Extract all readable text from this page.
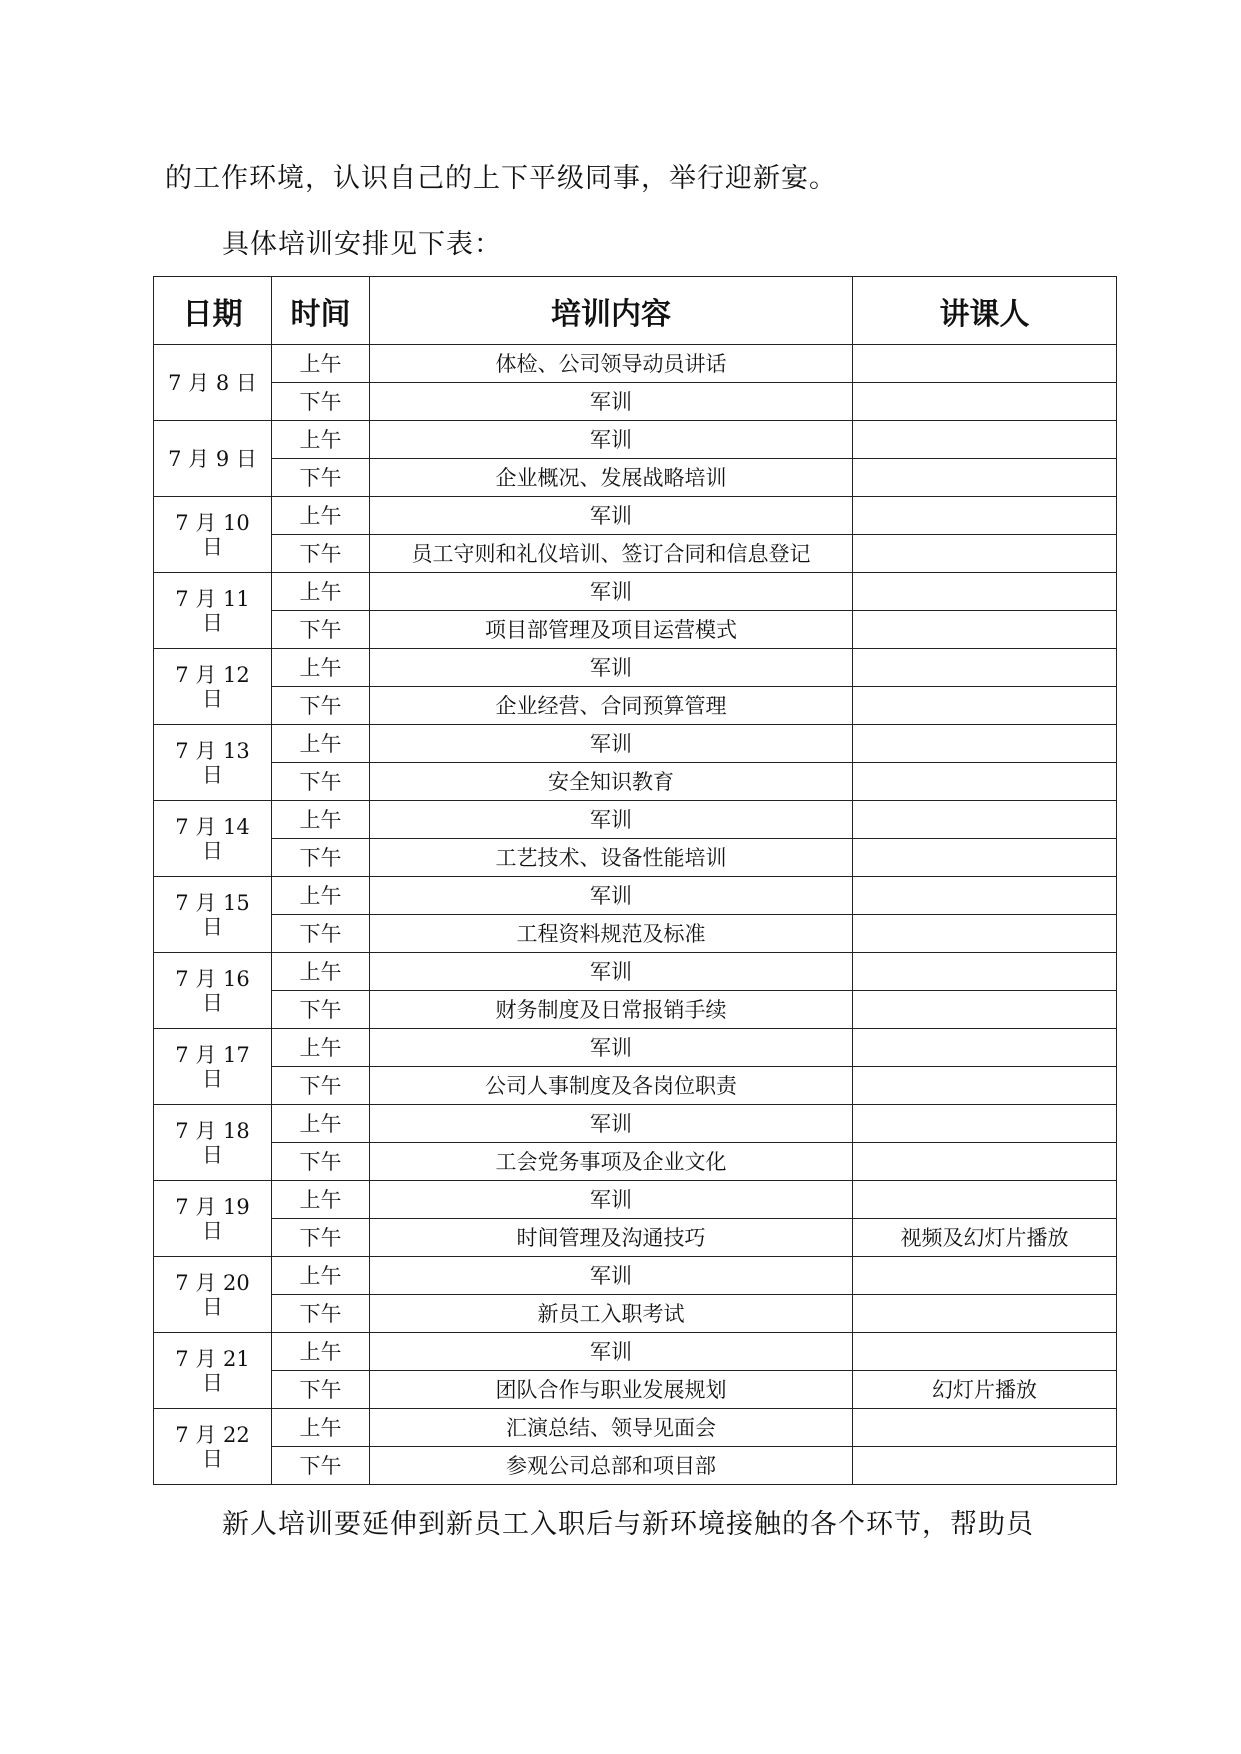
的工作环境，认识自己的上下平级同事，举行迎新宴。
具体培训安排见下表：
日期	时间	培训内容	讲课人

7 月 8 日	上午	体检、公司领导动员讲话	
	下午	军训	

7 月 9 日	上午	军训	
	下午	企业概况、发展战略培训	

7 月 10
日	上午	军训	
	下午	员工守则和礼仪培训、签订合同和信息登记	

7 月 11
日	上午	军训	
	下午	项目部管理及项目运营模式	

7 月 12
日	上午	军训	
	下午	企业经营、合同预算管理	

7 月 13
日	上午	军训	
	下午	安全知识教育	

7 月 14
日	上午	军训	
	下午	工艺技术、设备性能培训	

7 月 15
日	上午	军训	
	下午	工程资料规范及标准	

7 月 16
日	上午	军训	
	下午	财务制度及日常报销手续	

7 月 17
日	上午	军训	
	下午	公司人事制度及各岗位职责	

7 月 18
日	上午	军训	
	下午	工会党务事项及企业文化	

7 月 19
日	上午	军训	
	下午	时间管理及沟通技巧	视频及幻灯片播放

7 月 20
日	上午	军训	
	下午	新员工入职考试	

7 月 21
日	上午	军训	
	下午	团队合作与职业发展规划	幻灯片播放

7 月 22
日	上午	汇演总结、领导见面会	
	下午	参观公司总部和项目部	
新人培训要延伸到新员工入职后与新环境接触的各个环节，帮助员
